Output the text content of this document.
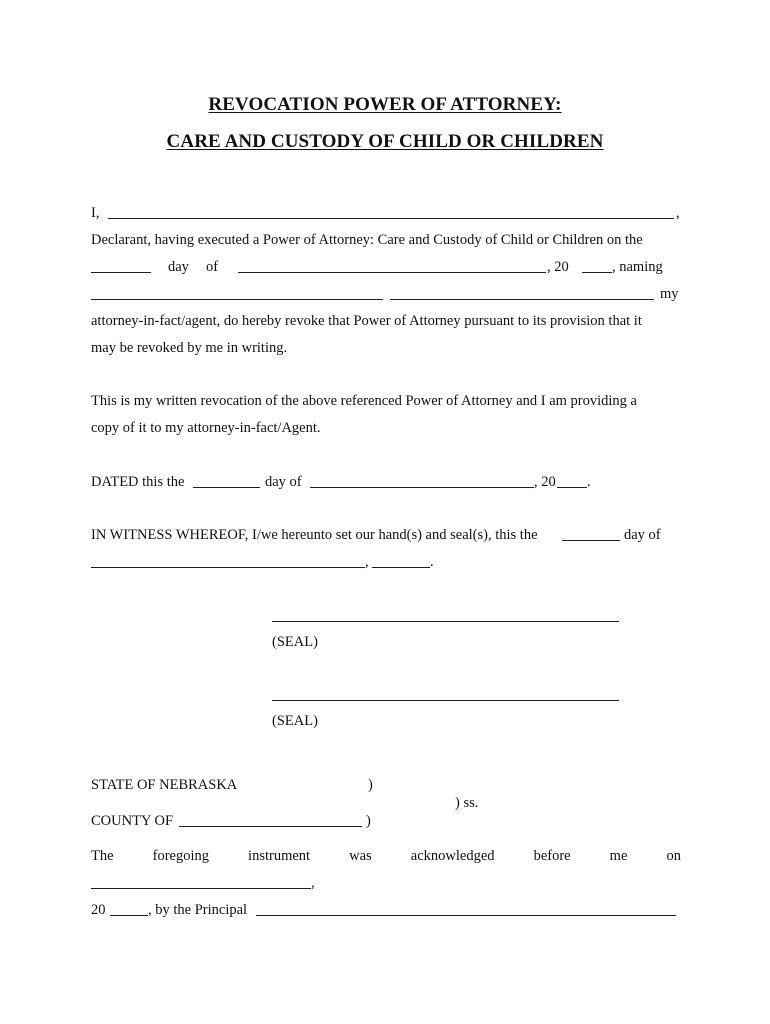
REVOCATION POWER OF ATTORNEY:
CARE AND CUSTODY OF CHILD OR CHILDREN
I,	,
Declarant, having executed a Power of Attorney: Care and Custody of Child or Children on the
day of	, 20	, naming
my
attorney-in-fact/agent, do hereby revoke that Power of Attorney pursuant to its provision that it
may be revoked by me in writing.
This is my written revocation of the above referenced Power of Attorney and I am providing a
copy of it to my attorney-in-fact/Agent.
DATED this the	day of	, 20 .
IN WITNESS WHEREOF, I/we hereunto set our hand(s) and seal(s), this the	day of
,	.
(SEAL)
(SEAL)
STATE OF NEBRASKA	)
) ss.
COUNTY OF	)
The	foregoing	instrument	was	acknowledged	before	me	on
,
20	, by the Principal
